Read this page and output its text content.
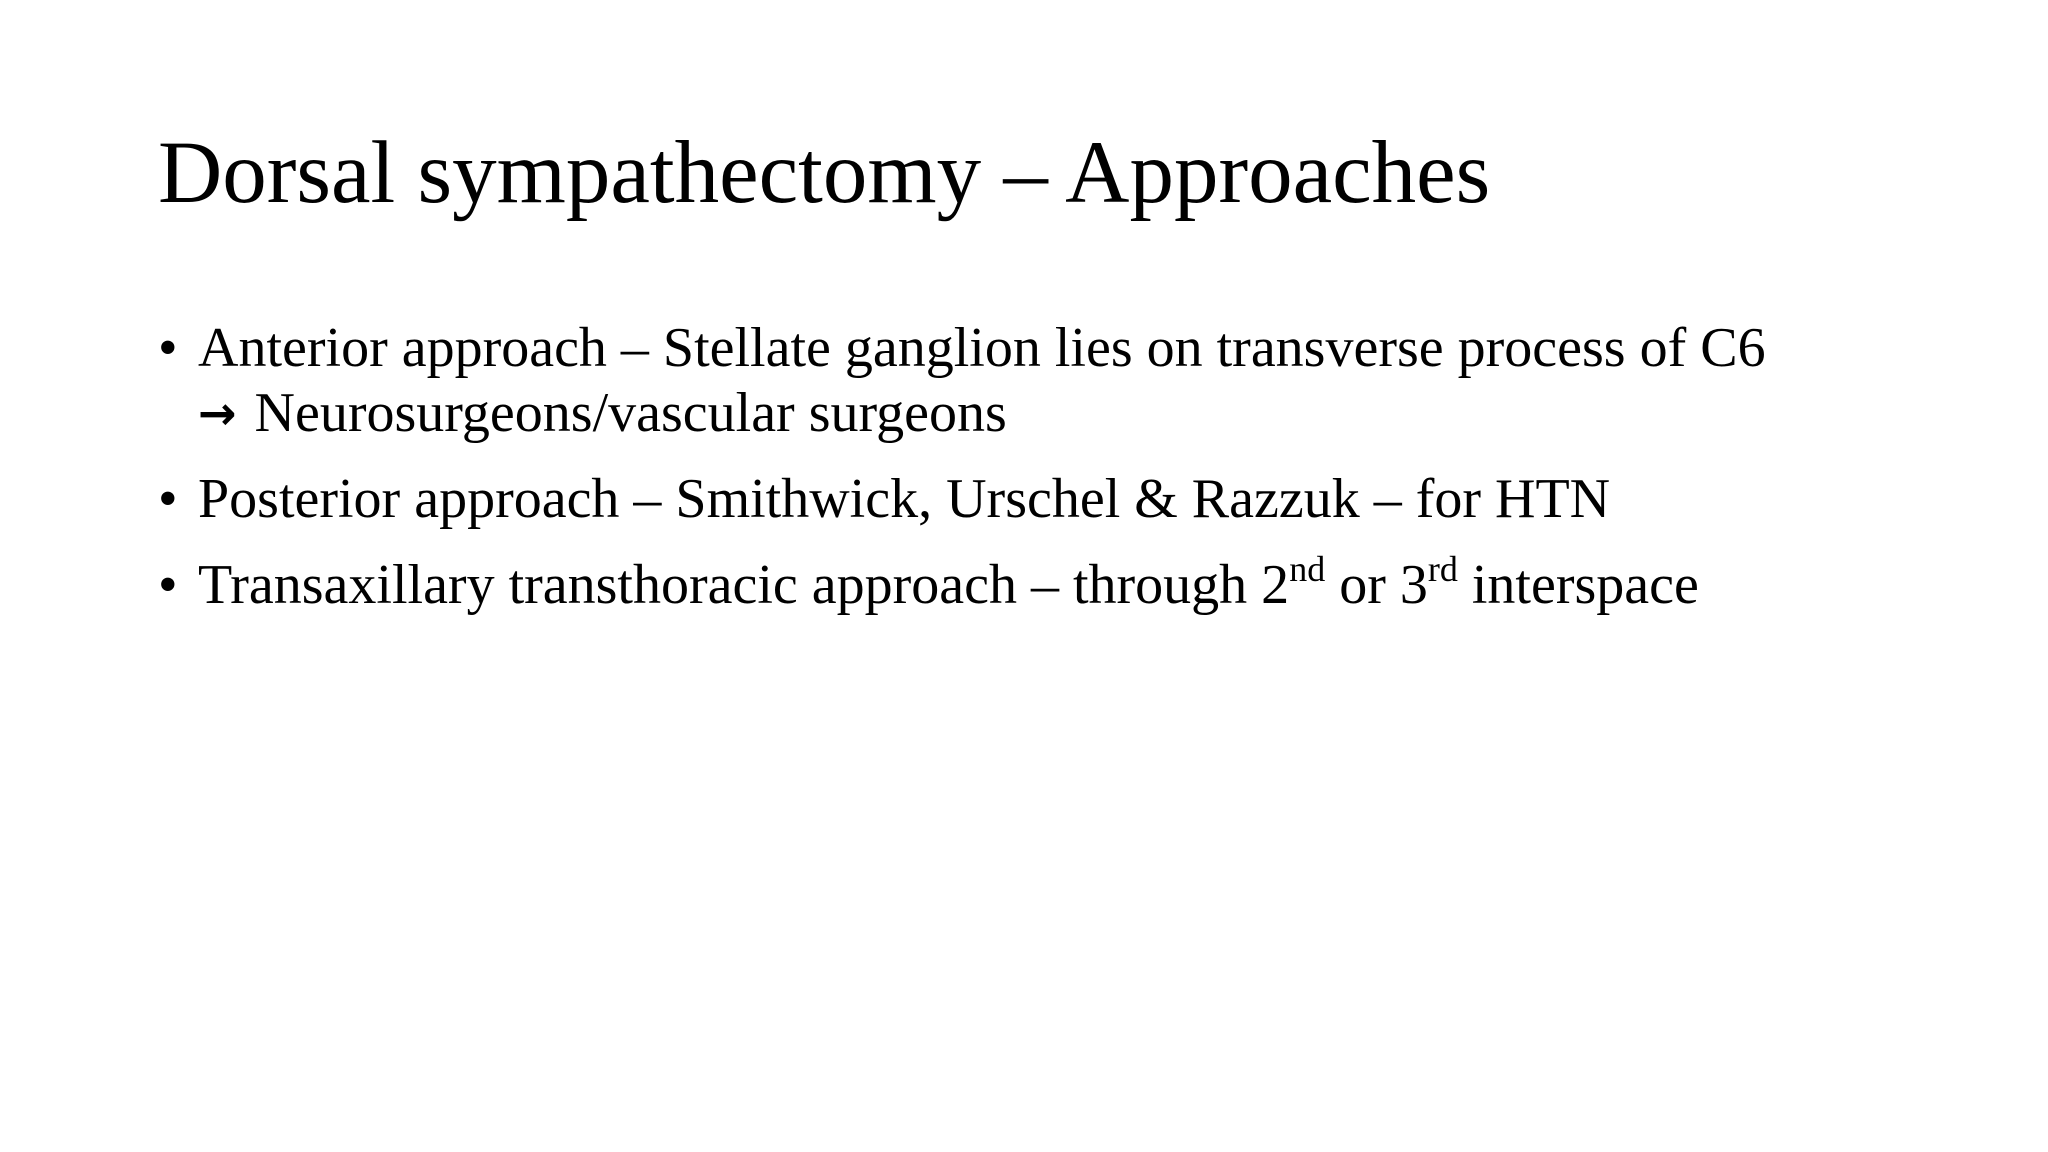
Dorsal sympathectomy – Approaches
• Anterior approach – Stellate ganglion lies on transverse process of C6
→ Neurosurgeons/vascular surgeons
• Posterior approach – Smithwick, Urschel & Razzuk – for HTN
• Transaxillary transthoracic approach – through 2nd or 3rd interspace
